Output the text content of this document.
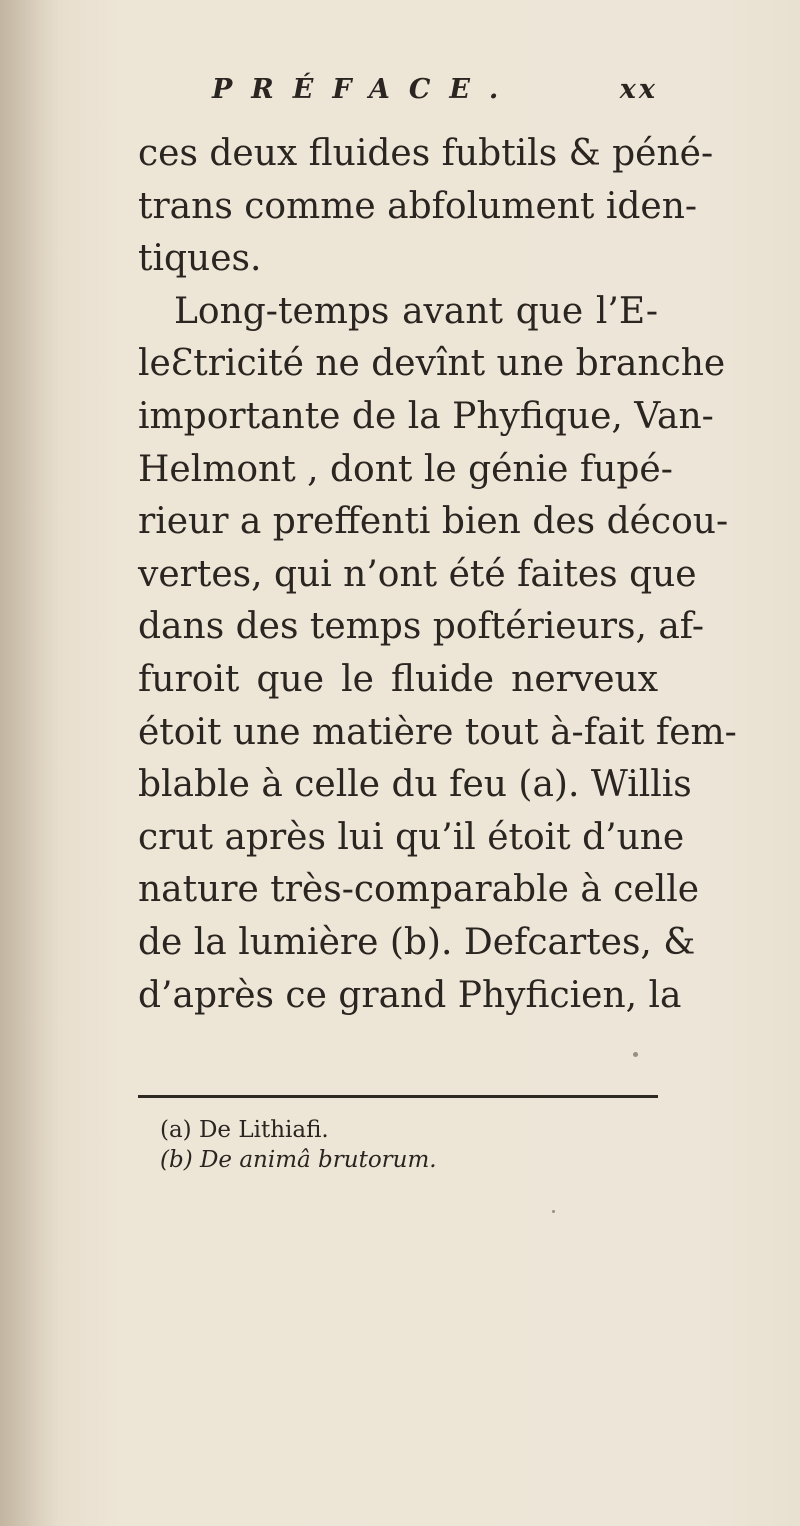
PRÉFACE.	xx
ces deux fluides fubtils & péné-
trans comme abfolument iden-
tiques.
Long-temps avant que l’E-
leƐtricité ne devînt une branche
importante de la Phyfique, Van-
Helmont , dont le génie fupé-
rieur a preffenti bien des décou-
vertes, qui n’ont été faites que
dans des temps poftérieurs, af-
furoit que le fluide nerveux
étoit une matière tout à-fait fem-
blable à celle du feu (a). Willis
crut après lui qu’il étoit d’une
nature très-comparable à celle
de la lumière (b). Defcartes, &
d’après ce grand Phyficien, la
(a) De Lithiafi.
(b) De animâ brutorum.
